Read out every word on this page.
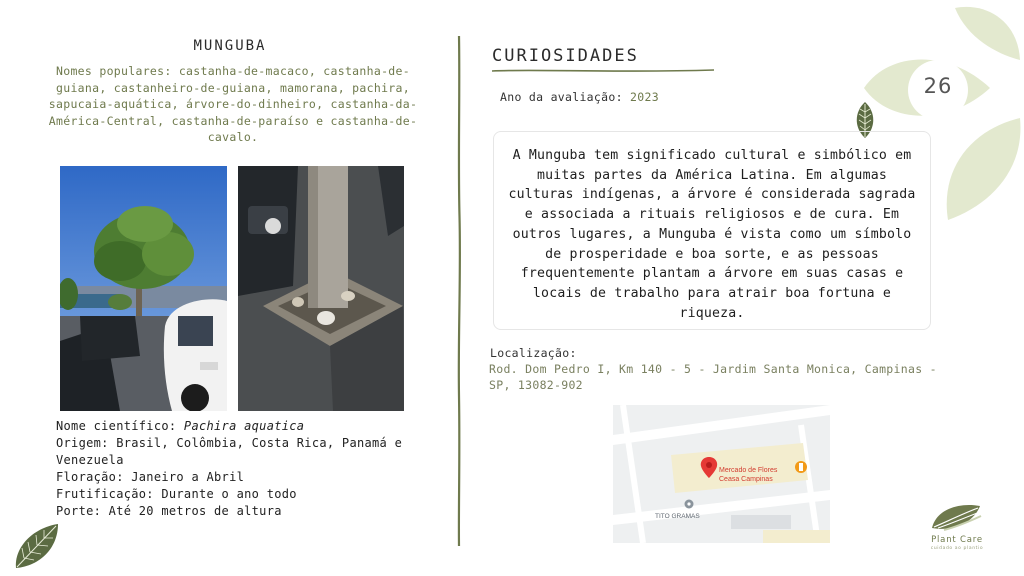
26
MUNGUBA
Nomes populares: castanha-de-macaco, castanha-de-guiana, castanheiro-de-guiana, mamorana, pachira, sapucaia-aquática, árvore-do-dinheiro, castanha-da-América-Central, castanha-de-paraíso e castanha-de-cavalo.
Nome científico: Pachira aquatica
Origem: Brasil, Colômbia, Costa Rica, Panamá e Venezuela
Floração: Janeiro a Abril
Frutificação: Durante o ano todo
Porte: Até 20 metros de altura
CURIOSIDADES
Ano da avaliação: 2023

A Munguba tem significado cultural e simbólico em muitas partes da América Latina. Em algumas culturas indígenas, a árvore é considerada sagrada e associada a rituais religiosos e de cura. Em outros lugares, a Munguba é vista como um símbolo de prosperidade e boa sorte, e as pessoas frequentemente plantam a árvore em suas casas e locais de trabalho para atrair boa fortuna e riqueza.

Localização:
Rod. Dom Pedro I, Km 140 - 5 - Jardim Santa Monica, Campinas - SP, 13082-902
Mercado de Flores
Ceasa Campinas
TITO GRAMAS
Plant Care
cuidado ao plantio
